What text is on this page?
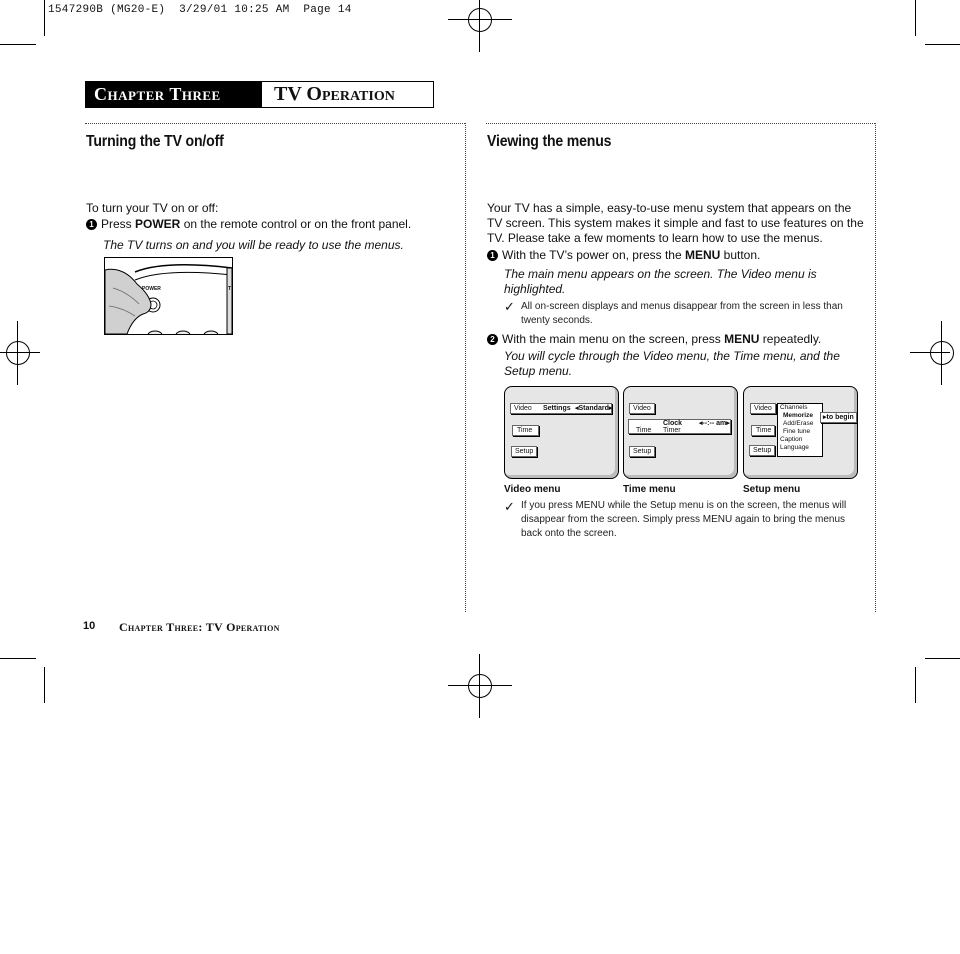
1547290B (MG20-E)  3/29/01 10:25 AM  Page 14
Chapter Three	TV Operation
Turning the TV on/off
To turn your TV on or off:
1 Press POWER on the remote control or on the front panel.
The TV turns on and you will be ready to use the menus.
POWER	T
Viewing the menus
Your TV has a simple, easy-to-use menu system that appears on the TV screen. This system makes it simple and fast to use features on the TV. Please take a few moments to learn how to use the menus.
1 With the TV’s power on, press the MENU button.
The main menu appears on the screen. The Video menu is highlighted.
✓ All on-screen displays and menus disappear from the screen in less than twenty seconds.
2 With the main menu on the screen, press MENU repeatedly.
You will cycle through the Video menu, the Time menu, and the Setup menu.
Video Settings ◂Standard▸
Time
Setup
Video menu
Video
Time
Clock
Timer
◂--:-- am▸
Setup
Time menu
Video
Time
Setup
Channels
Memorize
Add/Erase
Fine tune
Caption
Language
▸to begin
Setup menu
✓ If you press MENU while the Setup menu is on the screen, the menus will disappear from the screen. Simply press MENU again to bring the menus back onto the screen.
10 Chapter Three: TV Operation
